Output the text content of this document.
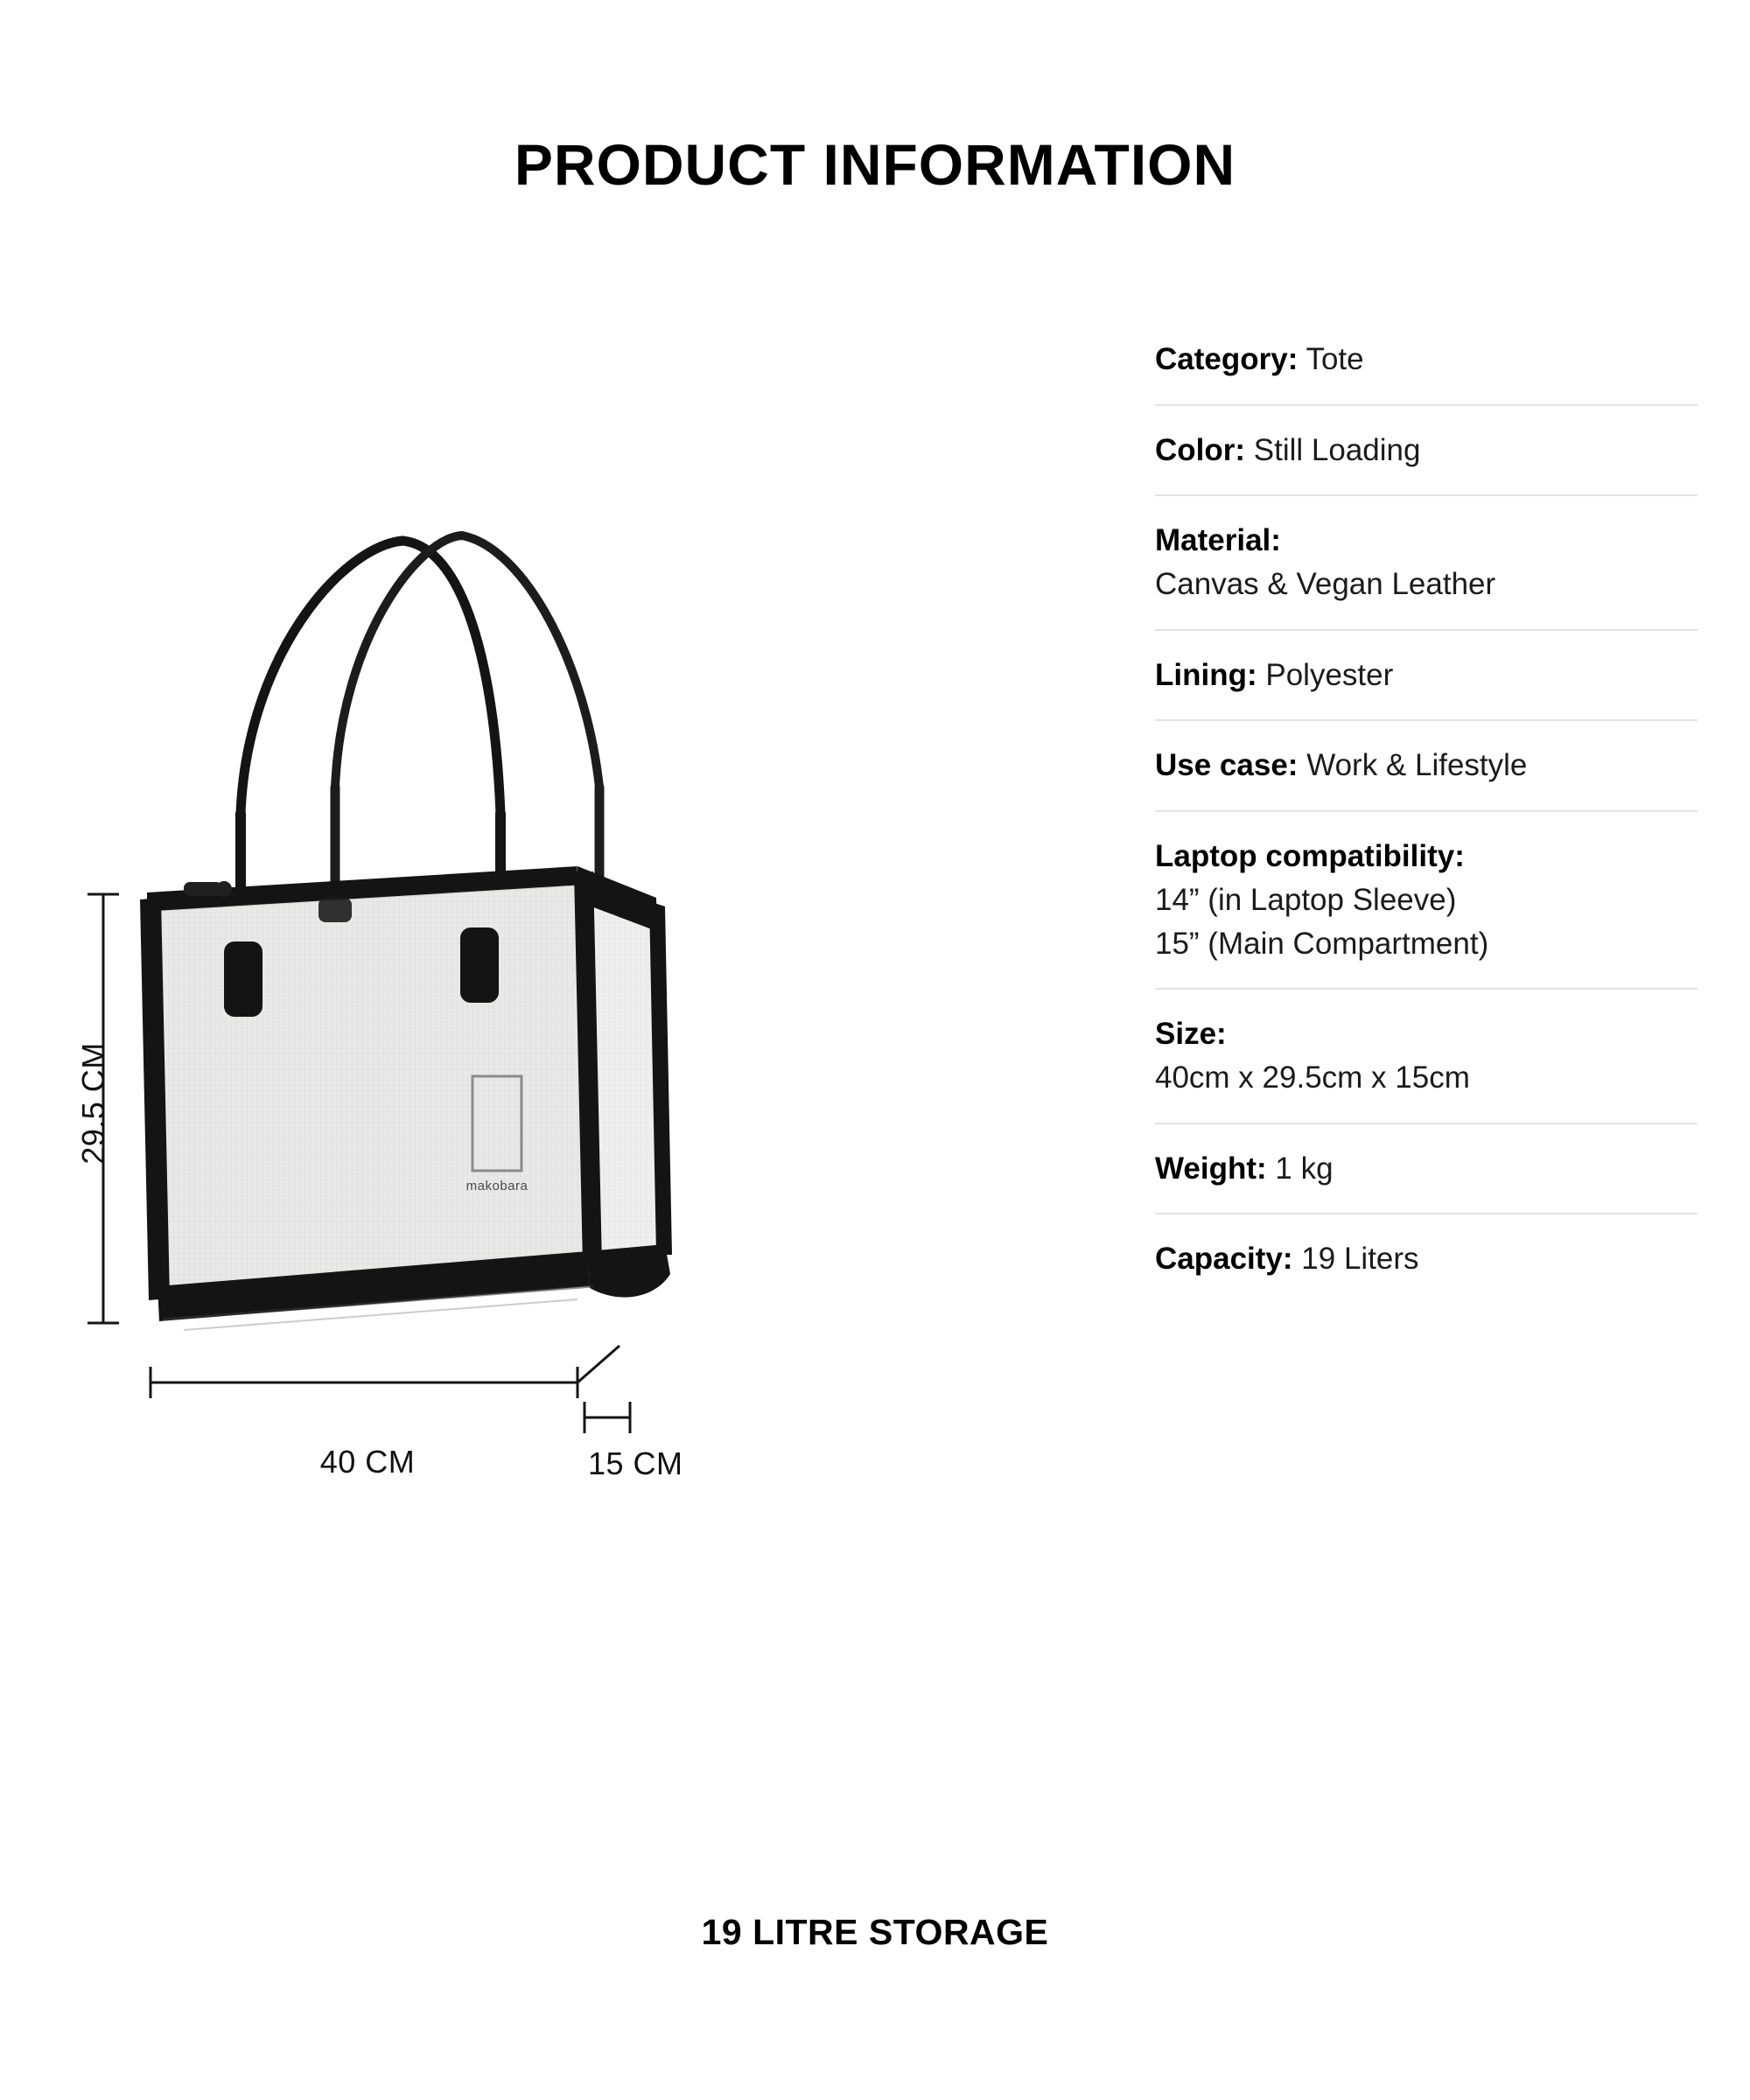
PRODUCT INFORMATION
makobara
29.5 CM
40 CM	15 CM
Category: Tote
Color: Still Loading
Material:
Canvas & Vegan Leather
Lining: Polyester
Use case: Work & Lifestyle
Laptop compatibility:
14” (in Laptop Sleeve)
15” (Main Compartment)
Size:
40cm x 29.5cm x 15cm
Weight: 1 kg
Capacity: 19 Liters
19 LITRE STORAGE
